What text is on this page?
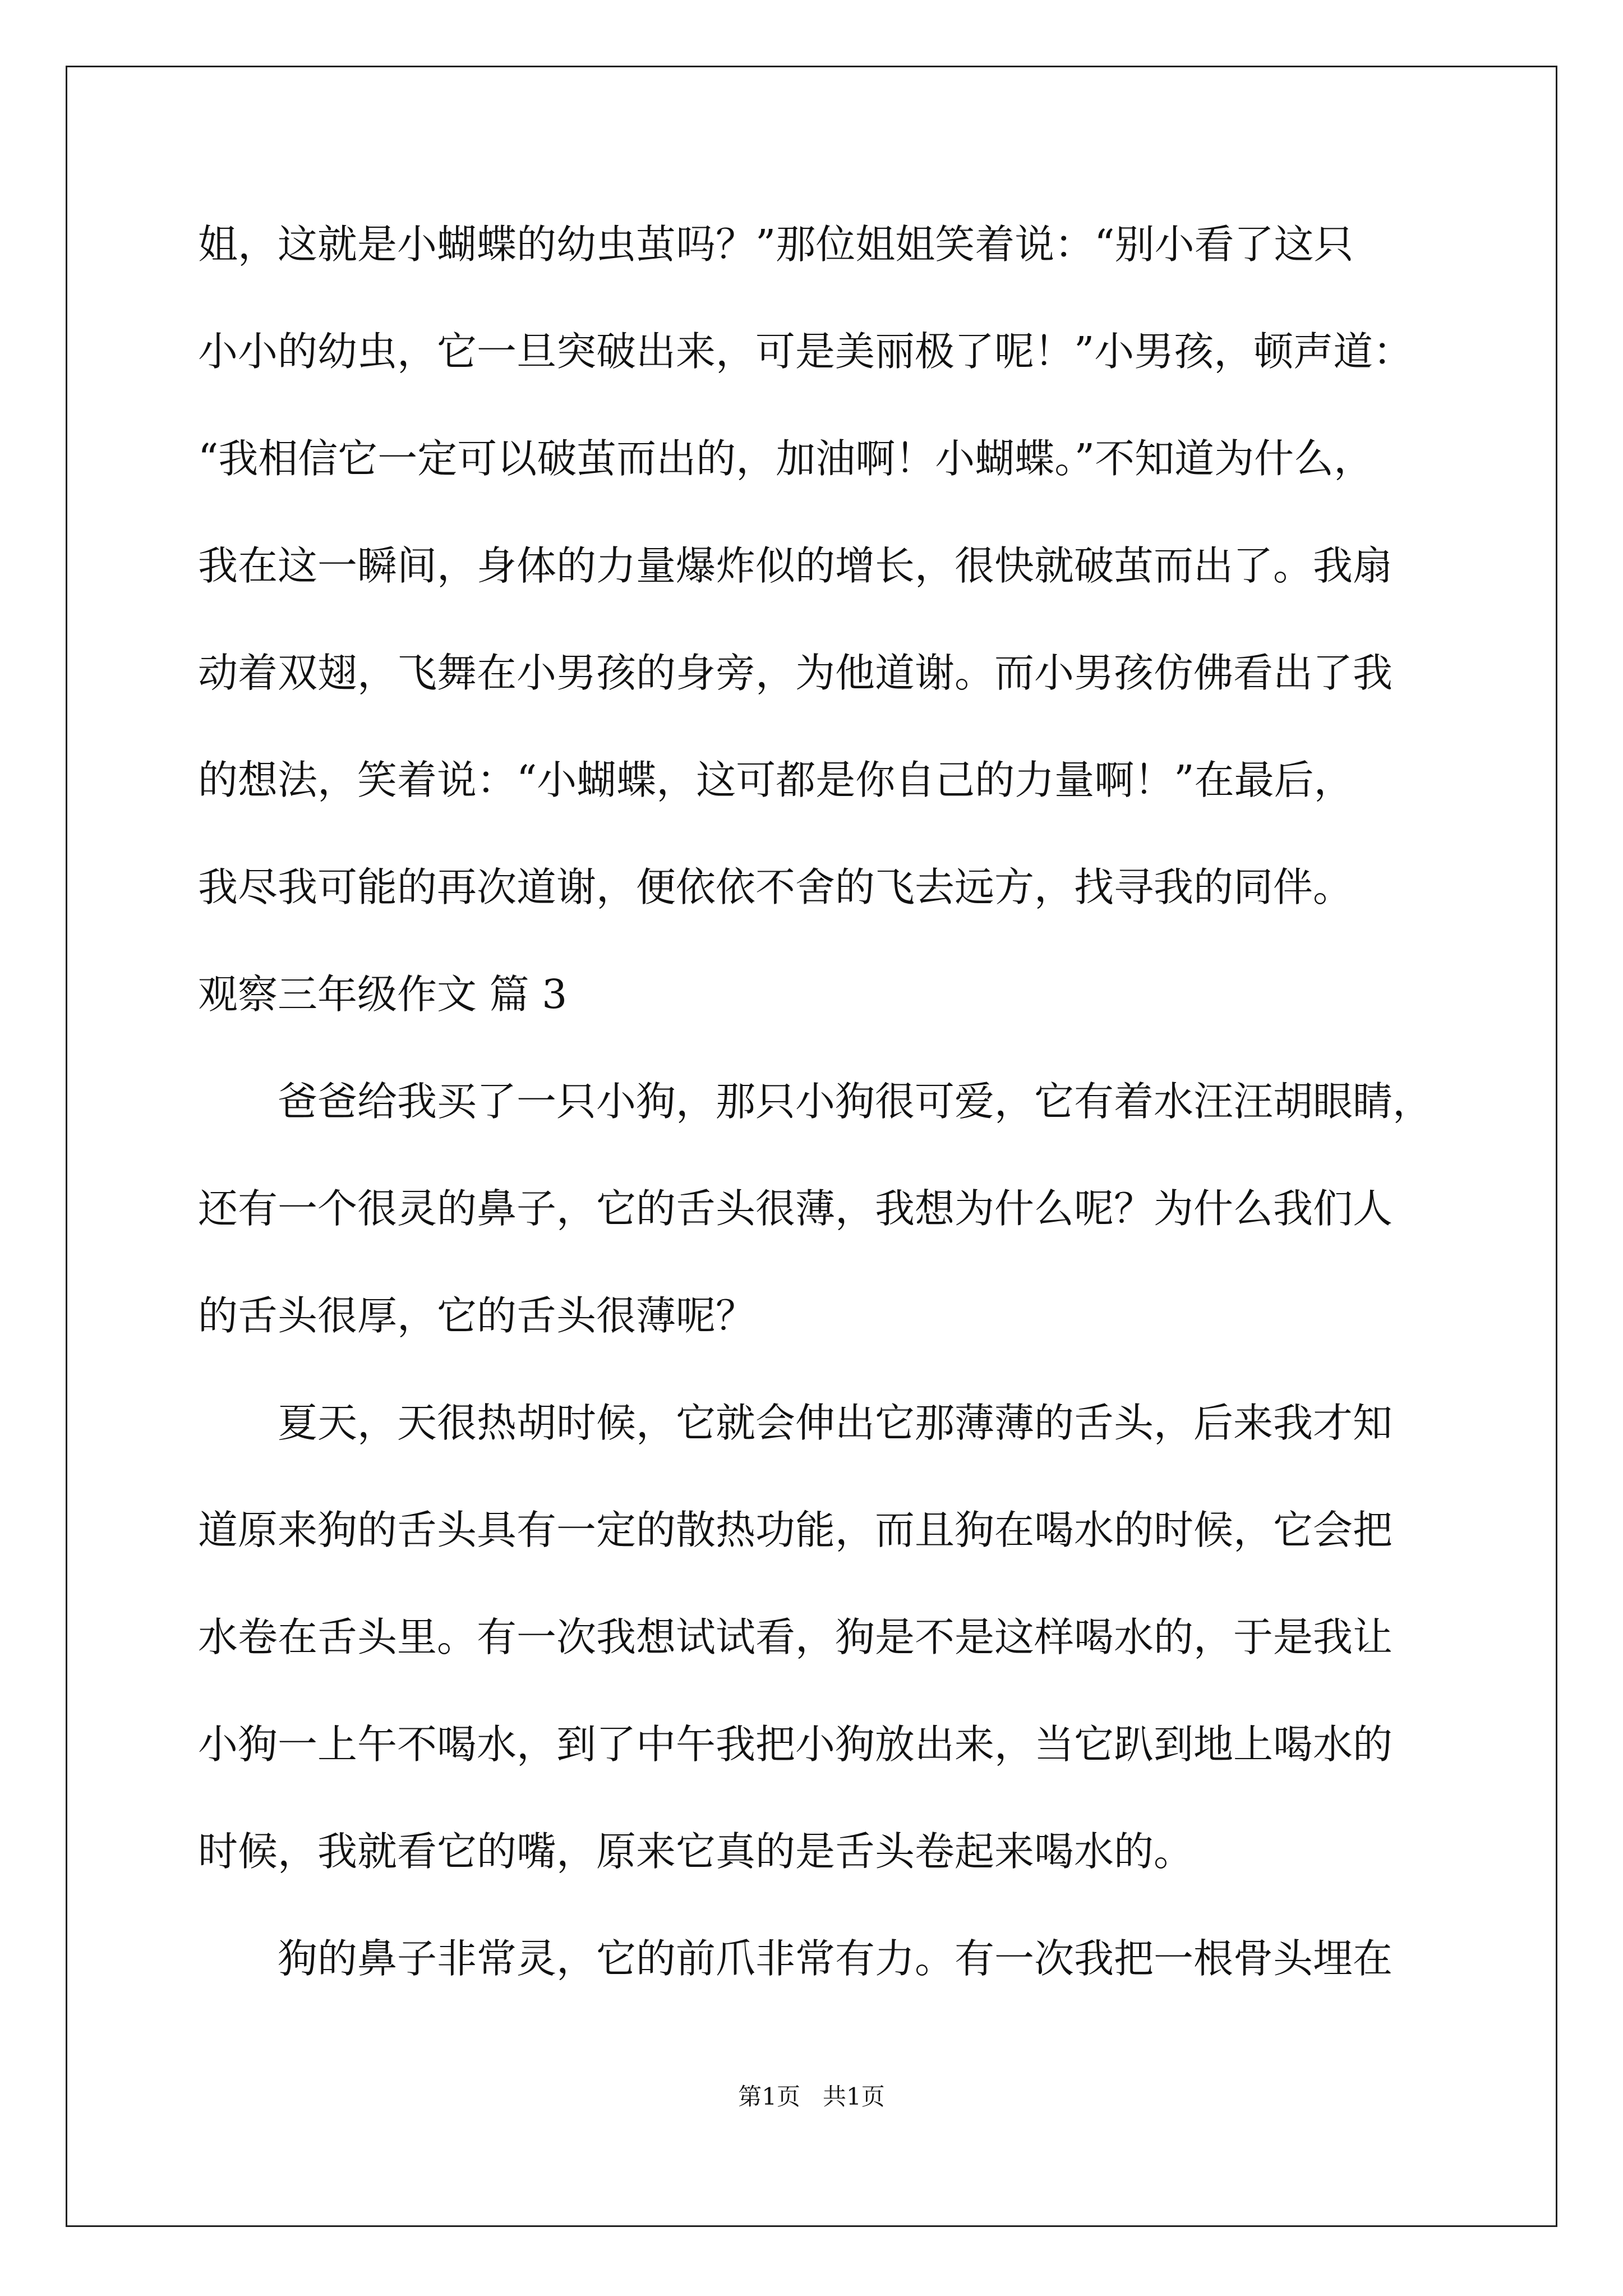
姐，这就是小蝴蝶的幼虫茧吗？”那位姐姐笑着说：“别小看了这只
小小的幼虫，它一旦突破出来，可是美丽极了呢！”小男孩，顿声道：
“我相信它一定可以破茧而出的，加油啊！小蝴蝶。”不知道为什么，
我在这一瞬间，身体的力量爆炸似的增长，很快就破茧而出了。我扇
动着双翅，飞舞在小男孩的身旁，为他道谢。而小男孩仿佛看出了我
的想法，笑着说：“小蝴蝶，这可都是你自己的力量啊！”在最后，
我尽我可能的再次道谢，便依依不舍的飞去远方，找寻我的同伴。
观察三年级作文 篇 3
爸爸给我买了一只小狗，那只小狗很可爱，它有着水汪汪胡眼睛，
还有一个很灵的鼻子，它的舌头很薄，我想为什么呢？为什么我们人
的舌头很厚，它的舌头很薄呢？
夏天，天很热胡时候，它就会伸出它那薄薄的舌头，后来我才知
道原来狗的舌头具有一定的散热功能，而且狗在喝水的时候，它会把
水卷在舌头里。有一次我想试试看，狗是不是这样喝水的，于是我让
小狗一上午不喝水，到了中午我把小狗放出来，当它趴到地上喝水的
时候，我就看它的嘴，原来它真的是舌头卷起来喝水的。
狗的鼻子非常灵，它的前爪非常有力。有一次我把一根骨头埋在
第1页   共1页
